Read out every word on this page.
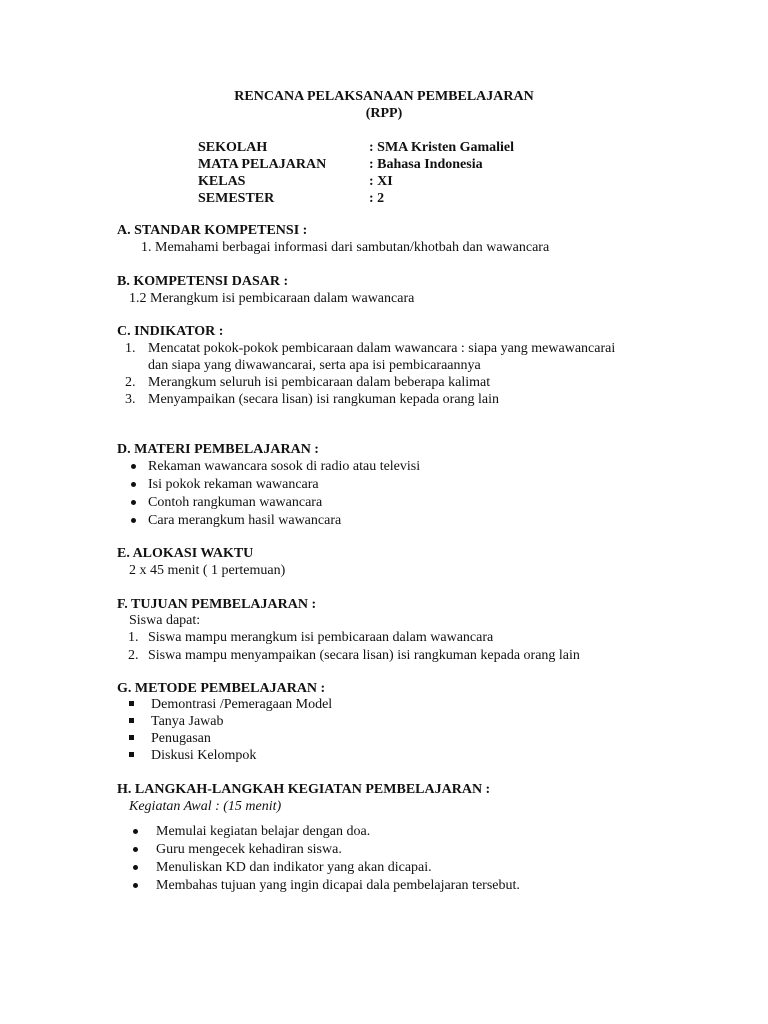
RENCANA PELAKSANAAN PEMBELAJARAN
(RPP)
SEKOLAH	: SMA Kristen Gamaliel
MATA PELAJARAN	: Bahasa Indonesia
KELAS	: XI
SEMESTER	: 2
A. STANDAR KOMPETENSI :
1. Memahami berbagai informasi dari sambutan/khotbah dan wawancara
B. KOMPETENSI DASAR :
1.2 Merangkum isi pembicaraan dalam wawancara
C. INDIKATOR :
1. Mencatat pokok-pokok pembicaraan dalam wawancara : siapa yang mewawancarai
dan siapa yang diwawancarai, serta apa isi pembicaraannya
2. Merangkum seluruh isi pembicaraan dalam beberapa kalimat
3. Menyampaikan (secara lisan) isi rangkuman kepada orang lain
D. MATERI PEMBELAJARAN :
Rekaman wawancara sosok di radio atau televisi
Isi pokok rekaman wawancara
Contoh rangkuman wawancara
Cara merangkum hasil wawancara
E. ALOKASI WAKTU
2 x 45 menit ( 1 pertemuan)
F. TUJUAN PEMBELAJARAN :
Siswa dapat:
1. Siswa mampu merangkum isi pembicaraan dalam wawancara
2. Siswa mampu menyampaikan (secara lisan) isi rangkuman kepada orang lain
G. METODE PEMBELAJARAN :
Demontrasi /Pemeragaan Model
Tanya Jawab
Penugasan
Diskusi Kelompok
H. LANGKAH-LANGKAH KEGIATAN PEMBELAJARAN :
Kegiatan Awal : (15 menit)
Memulai kegiatan belajar dengan doa.
Guru mengecek kehadiran siswa.
Menuliskan KD dan indikator yang akan dicapai.
Membahas tujuan yang ingin dicapai dala pembelajaran tersebut.
